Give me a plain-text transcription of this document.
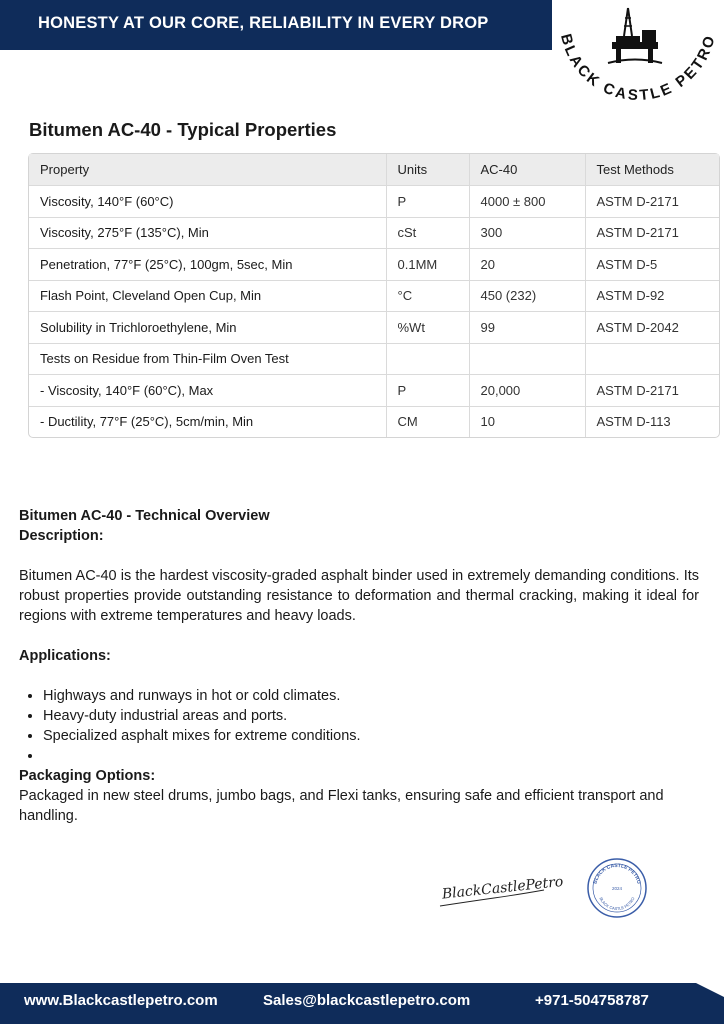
HONESTY AT OUR CORE, RELIABILITY IN EVERY DROP
BLACK CASTLE PETRO
Bitumen AC-40 - Typical Properties
Property	Units	AC-40	Test Methods
Viscosity, 140°F (60°C)	P	4000 ± 800	ASTM D-2171
Viscosity, 275°F (135°C), Min	cSt	300	ASTM D-2171
Penetration, 77°F (25°C), 100gm, 5sec, Min	0.1MM	20	ASTM D-5
Flash Point, Cleveland Open Cup, Min	°C	450 (232)	ASTM D-92
Solubility in Trichloroethylene, Min	%Wt	99	ASTM D-2042
Tests on Residue from Thin-Film Oven Test			
- Viscosity, 140°F (60°C), Max	P	20,000	ASTM D-2171
- Ductility, 77°F (25°C), 5cm/min, Min	CM	10	ASTM D-113
Bitumen AC-40 - Technical Overview
Description:
Bitumen AC-40 is the hardest viscosity-graded asphalt binder used in extremely demanding conditions. Its robust properties provide outstanding resistance to deformation and thermal cracking, making it ideal for regions with extreme temperatures and heavy loads.
Applications:
• Highways and runways in hot or cold climates.
• Heavy-duty industrial areas and ports.
• Specialized asphalt mixes for extreme conditions.
•
Packaging Options:
Packaged in new steel drums, jumbo bags, and Flexi tanks, ensuring safe and efficient transport and handling.
BlackCastlePetro	BLACK CASTLE PETRO
2024
BLACK CASTLE PETRO
www.Blackcastlepetro.com	Sales@blackcastlepetro.com	+971-504758787
